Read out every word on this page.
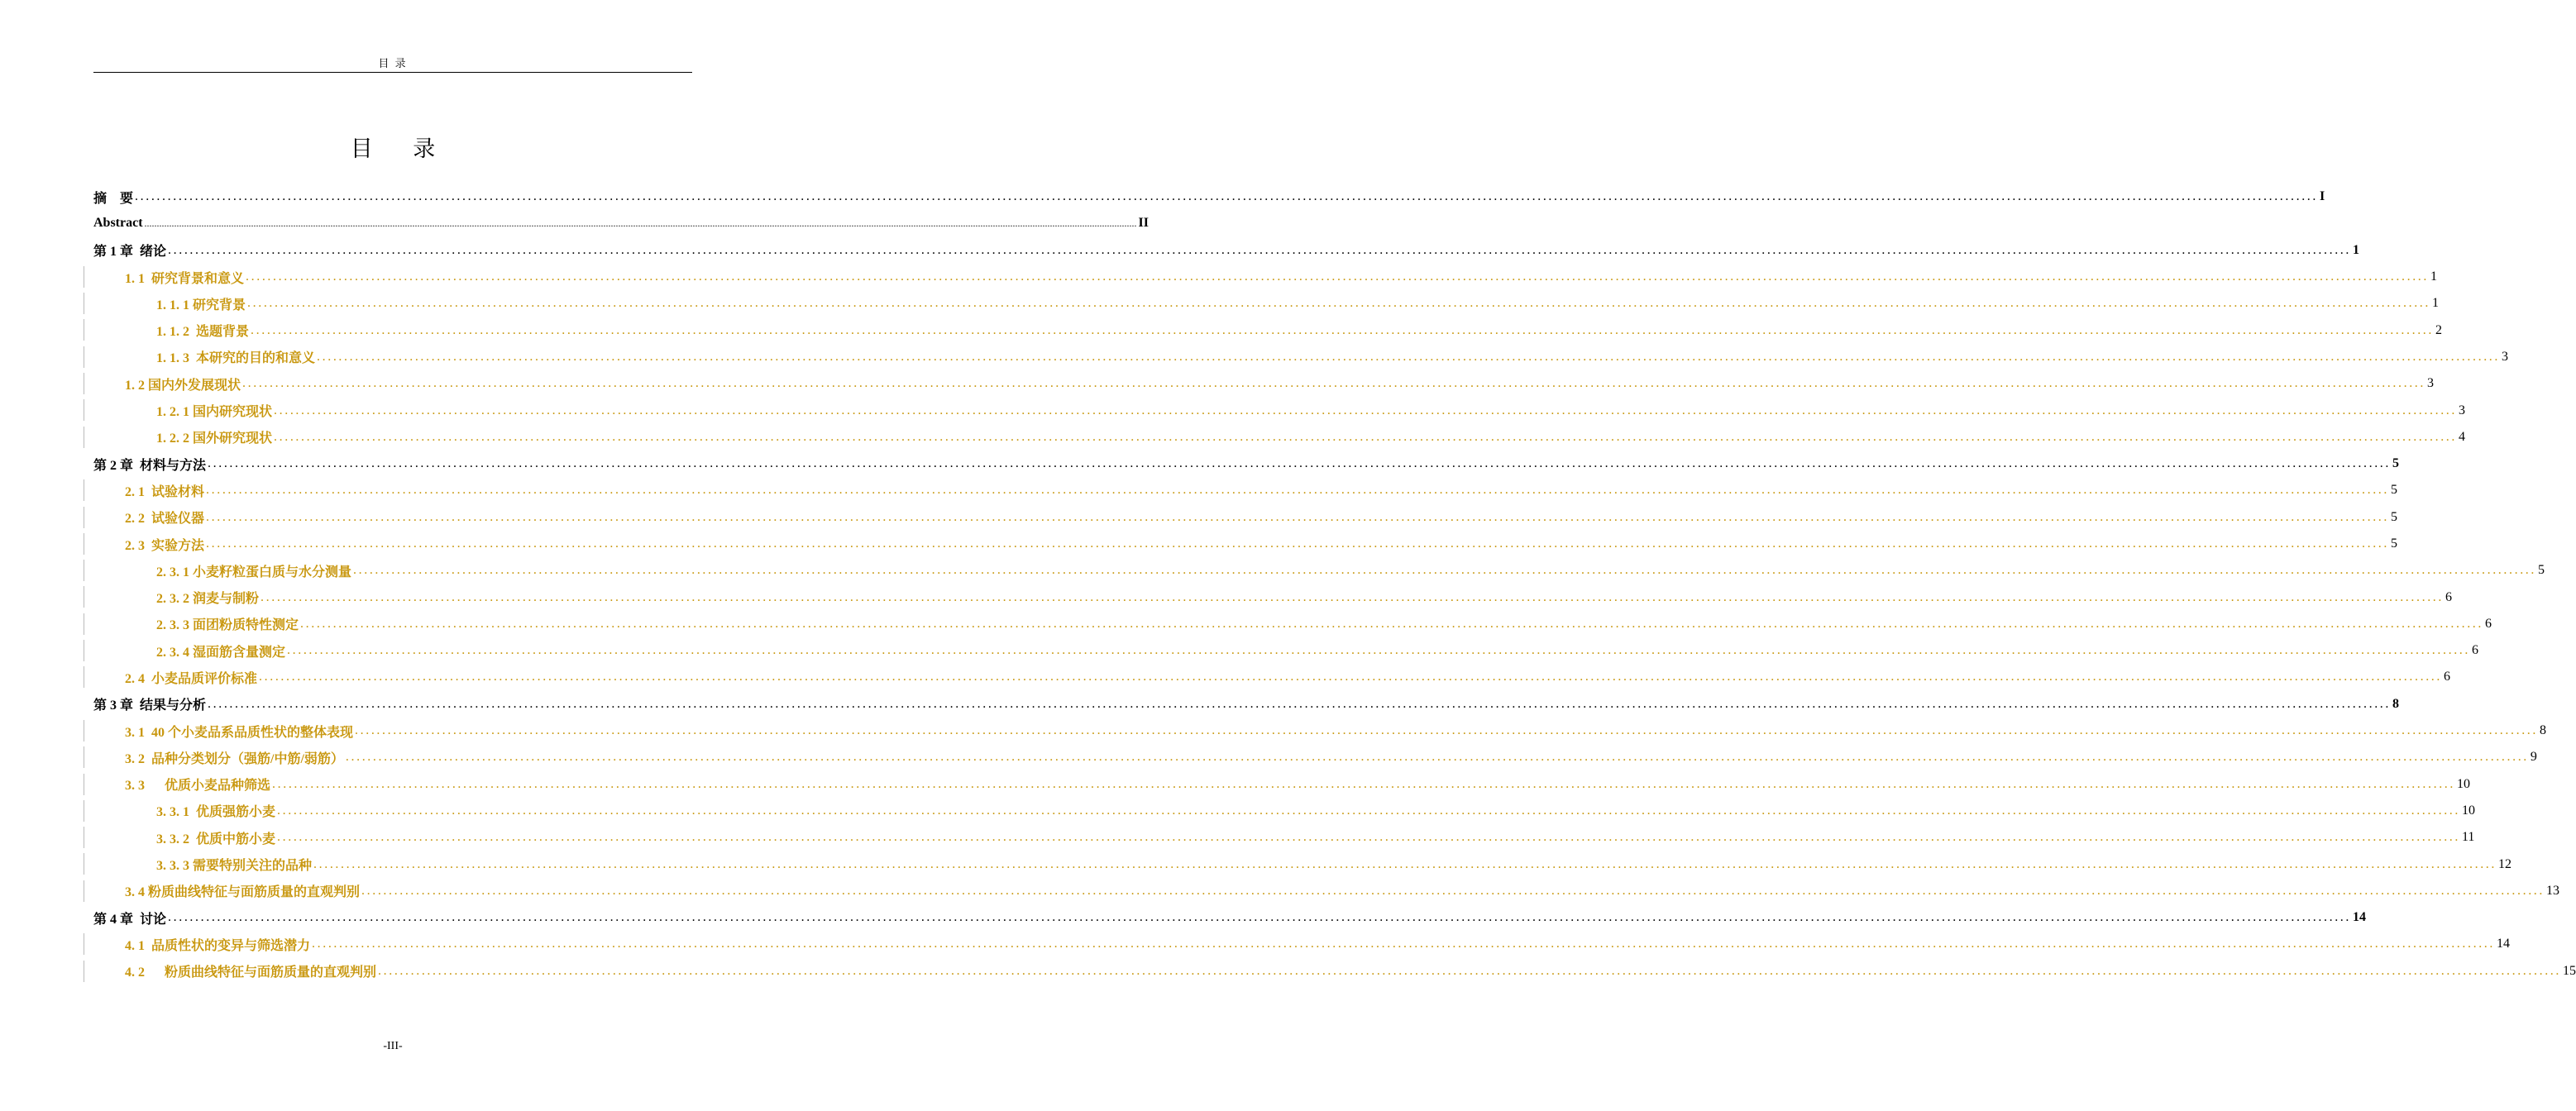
目 录
目 录
摘    要 ................................................................................................................................................................................................................................................................................................................................................................................................................ I
Abstract ................................................................................................................................................................................................................................................................................................................................................................................................................ II
第 1 章  绪论 ................................................................................................................................................................................................................................................................................................................................................................................................................ 1
1. 1  研究背景和意义 ................................................................................................................................................................................................................................................................................................................................................................................................................ 1
1. 1. 1 研究背景 ................................................................................................................................................................................................................................................................................................................................................................................................................ 1
1. 1. 2  选题背景 ................................................................................................................................................................................................................................................................................................................................................................................................................ 2
1. 1. 3  本研究的目的和意义 ................................................................................................................................................................................................................................................................................................................................................................................................................ 3
1. 2 国内外发展现状 ................................................................................................................................................................................................................................................................................................................................................................................................................ 3
1. 2. 1 国内研究现状 ................................................................................................................................................................................................................................................................................................................................................................................................................ 3
1. 2. 2 国外研究现状 ................................................................................................................................................................................................................................................................................................................................................................................................................ 4
第 2 章  材料与方法 ................................................................................................................................................................................................................................................................................................................................................................................................................ 5
2. 1  试验材料 ................................................................................................................................................................................................................................................................................................................................................................................................................ 5
2. 2  试验仪器 ................................................................................................................................................................................................................................................................................................................................................................................................................ 5
2. 3  实验方法 ................................................................................................................................................................................................................................................................................................................................................................................................................ 5
2. 3. 1 小麦籽粒蛋白质与水分测量 ................................................................................................................................................................................................................................................................................................................................................................................................................ 5
2. 3. 2 润麦与制粉 ................................................................................................................................................................................................................................................................................................................................................................................................................ 6
2. 3. 3 面团粉质特性测定 ................................................................................................................................................................................................................................................................................................................................................................................................................ 6
2. 3. 4 湿面筋含量测定 ................................................................................................................................................................................................................................................................................................................................................................................................................ 6
2. 4  小麦品质评价标准 ................................................................................................................................................................................................................................................................................................................................................................................................................ 6
第 3 章  结果与分析 ................................................................................................................................................................................................................................................................................................................................................................................................................ 8
3. 1  40 个小麦品系品质性状的整体表现 ................................................................................................................................................................................................................................................................................................................................................................................................................ 8
3. 2  品种分类划分（强筋/中筋/弱筋） ................................................................................................................................................................................................................................................................................................................................................................................................................ 9
3. 3      优质小麦品种筛选 ................................................................................................................................................................................................................................................................................................................................................................................................................ 10
3. 3. 1  优质强筋小麦 ................................................................................................................................................................................................................................................................................................................................................................................................................ 10
3. 3. 2  优质中筋小麦 ................................................................................................................................................................................................................................................................................................................................................................................................................ 11
3. 3. 3 需要特别关注的品种 ................................................................................................................................................................................................................................................................................................................................................................................................................ 12
3. 4 粉质曲线特征与面筋质量的直观判别 ................................................................................................................................................................................................................................................................................................................................................................................................................ 13
第 4 章  讨论 ................................................................................................................................................................................................................................................................................................................................................................................................................ 14
4. 1  品质性状的变异与筛选潜力 ................................................................................................................................................................................................................................................................................................................................................................................................................ 14
4. 2      粉质曲线特征与面筋质量的直观判别 ................................................................................................................................................................................................................................................................................................................................................................................................................ 15
-III-
